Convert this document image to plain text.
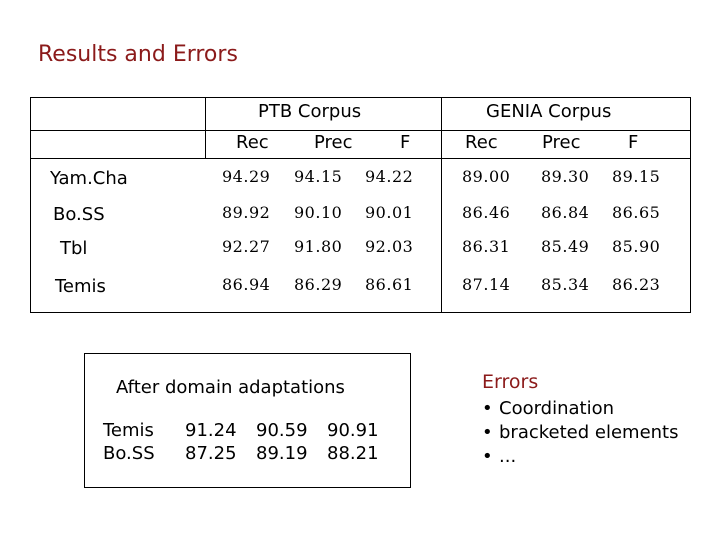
Results and Errors
PTB Corpus	GENIA Corpus
Rec	Prec	F	Rec Prec	F
Yam.Cha	94.29 94.15 94.22	89.00 89.30 89.15
Bo.SS	89.92 90.10 90.01	86.46 86.84 86.65
Tbl	92.27 91.80 92.03	86.31 85.49 85.90
Temis	86.94 86.29 86.61	87.14 85.34 86.23
After domain adaptations
Temis 91.24 90.59 90.91
Bo.SS 87.25 89.19 88.21
Errors
• Coordination
• bracketed elements
• ...
